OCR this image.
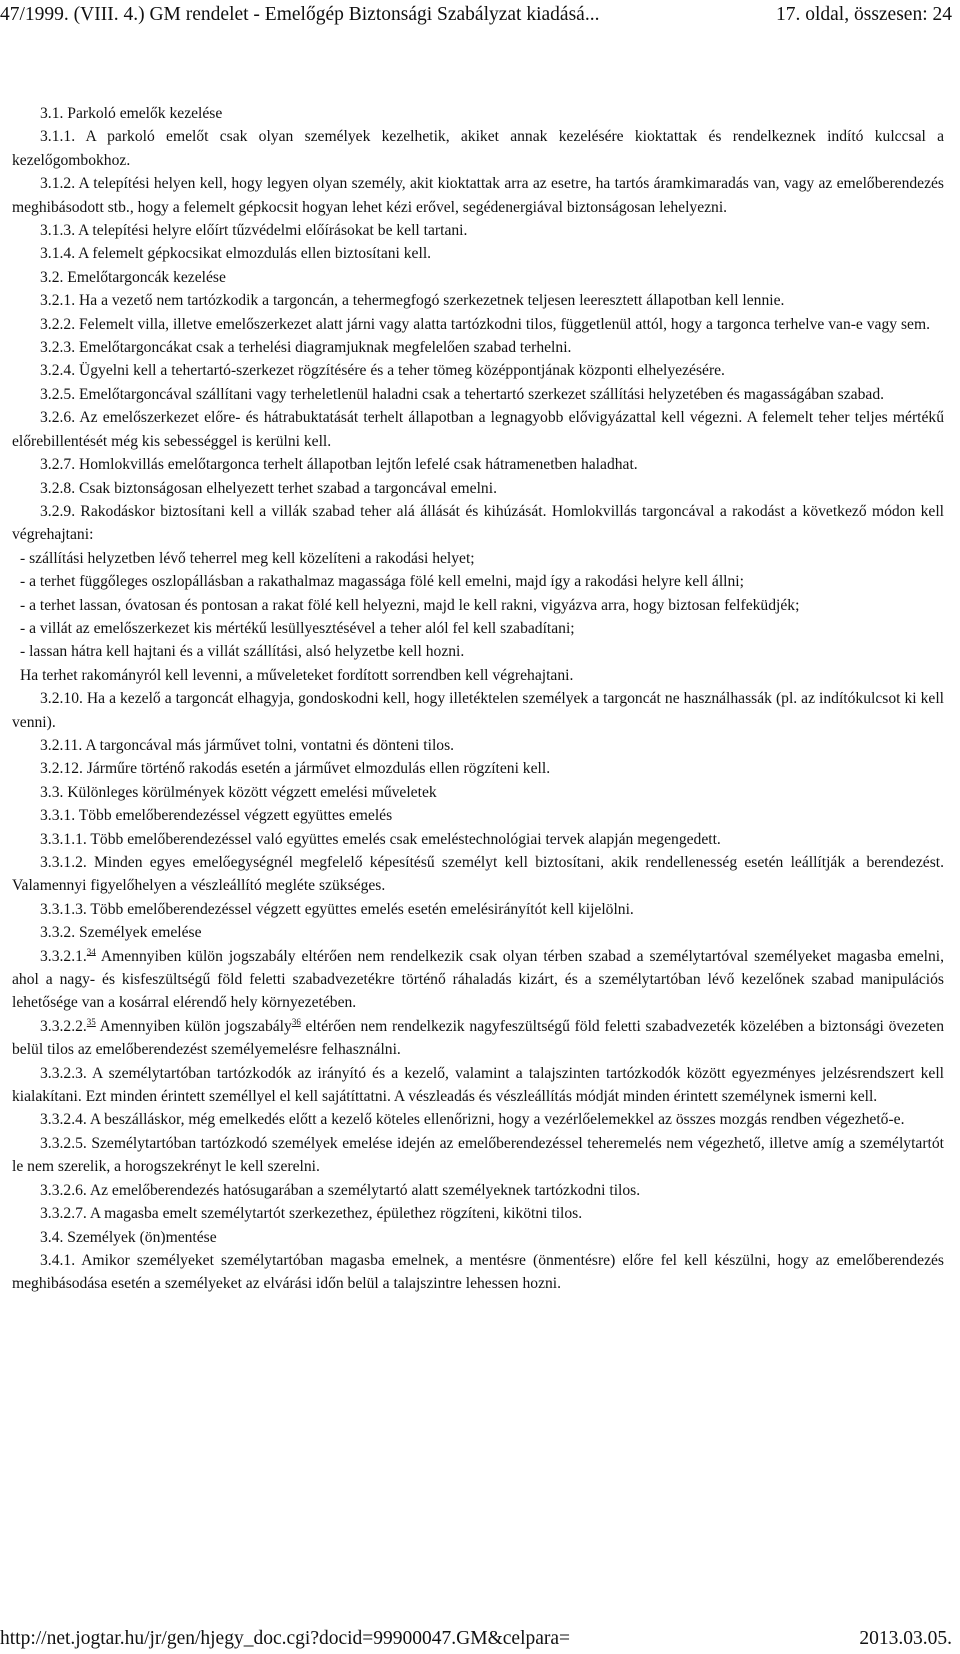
47/1999. (VIII. 4.) GM rendelet - Emelőgép Biztonsági Szabályzat kiadásá...	17. oldal, összesen: 24

3.1. Parkoló emelők kezelése

3.1.1. A parkoló emelőt csak olyan személyek kezelhetik, akiket annak kezelésére kioktattak és rendelkeznek indító kulccsal a kezelőgombokhoz.

3.1.2. A telepítési helyen kell, hogy legyen olyan személy, akit kioktattak arra az esetre, ha tartós áramkimaradás van, vagy az emelőberendezés meghibásodott stb., hogy a felemelt gépkocsit hogyan lehet kézi erővel, segédenergiával biztonságosan lehelyezni.

3.1.3. A telepítési helyre előírt tűzvédelmi előírásokat be kell tartani.

3.1.4. A felemelt gépkocsikat elmozdulás ellen biztosítani kell.

3.2. Emelőtargoncák kezelése

3.2.1. Ha a vezető nem tartózkodik a targoncán, a tehermegfogó szerkezetnek teljesen leeresztett állapotban kell lennie.

3.2.2. Felemelt villa, illetve emelőszerkezet alatt járni vagy alatta tartózkodni tilos, függetlenül attól, hogy a targonca terhelve van-e vagy sem.

3.2.3. Emelőtargoncákat csak a terhelési diagramjuknak megfelelően szabad terhelni.

3.2.4. Ügyelni kell a tehertartó-szerkezet rögzítésére és a teher tömeg középpontjának központi elhelyezésére.

3.2.5. Emelőtargoncával szállítani vagy terheletlenül haladni csak a tehertartó szerkezet szállítási helyzetében és magasságában szabad.

3.2.6. Az emelőszerkezet előre- és hátrabuktatását terhelt állapotban a legnagyobb elővigyázattal kell végezni. A felemelt teher teljes mértékű előrebillentését még kis sebességgel is kerülni kell.

3.2.7. Homlokvillás emelőtargonca terhelt állapotban lejtőn lefelé csak hátramenetben haladhat.

3.2.8. Csak biztonságosan elhelyezett terhet szabad a targoncával emelni.

3.2.9. Rakodáskor biztosítani kell a villák szabad teher alá állását és kihúzását. Homlokvillás targoncával a rakodást a következő módon kell végrehajtani:

- szállítási helyzetben lévő teherrel meg kell közelíteni a rakodási helyet;

- a terhet függőleges oszlopállásban a rakathalmaz magassága fölé kell emelni, majd így a rakodási helyre kell állni;

- a terhet lassan, óvatosan és pontosan a rakat fölé kell helyezni, majd le kell rakni, vigyázva arra, hogy biztosan felfeküdjék;

- a villát az emelőszerkezet kis mértékű lesüllyesztésével a teher alól fel kell szabadítani;

- lassan hátra kell hajtani és a villát szállítási, alsó helyzetbe kell hozni.

Ha terhet rakományról kell levenni, a műveleteket fordított sorrendben kell végrehajtani.

3.2.10. Ha a kezelő a targoncát elhagyja, gondoskodni kell, hogy illetéktelen személyek a targoncát ne használhassák (pl. az indítókulcsot ki kell venni).

3.2.11. A targoncával más járművet tolni, vontatni és dönteni tilos.

3.2.12. Járműre történő rakodás esetén a járművet elmozdulás ellen rögzíteni kell.

3.3. Különleges körülmények között végzett emelési műveletek

3.3.1. Több emelőberendezéssel végzett együttes emelés

3.3.1.1. Több emelőberendezéssel való együttes emelés csak emeléstechnológiai tervek alapján megengedett.

3.3.1.2. Minden egyes emelőegységnél megfelelő képesítésű személyt kell biztosítani, akik rendellenesség esetén leállítják a berendezést. Valamennyi figyelőhelyen a vészleállító megléte szükséges.

3.3.1.3. Több emelőberendezéssel végzett együttes emelés esetén emelésirányítót kell kijelölni.

3.3.2. Személyek emelése

3.3.2.1.34 Amennyiben külön jogszabály eltérően nem rendelkezik csak olyan térben szabad a személytartóval személyeket magasba emelni, ahol a nagy- és kisfeszültségű föld feletti szabadvezetékre történő ráhaladás kizárt, és a személytartóban lévő kezelőnek szabad manipulációs lehetősége van a kosárral elérendő hely környezetében.

3.3.2.2.35 Amennyiben külön jogszabály$^{36}$ eltérően nem rendelkezik nagyfeszültségű föld feletti szabadvezeték közelében a biztonsági övezeten belül tilos az emelőberendezést személyemelésre felhasználni.

3.3.2.3. A személytartóban tartózkodók az irányító és a kezelő, valamint a talajszinten tartózkodók között egyezményes jelzésrendszert kell kialakítani. Ezt minden érintett személlyel el kell sajátíttatni. A vészleadás és vészleállítás módját minden érintett személynek ismerni kell.

3.3.2.4. A beszálláskor, még emelkedés előtt a kezelő köteles ellenőrizni, hogy a vezérlőelemekkel az összes mozgás rendben végezhető-e.

3.3.2.5. Személytartóban tartózkodó személyek emelése idején az emelőberendezéssel teheremelés nem végezhető, illetve amíg a személytartót le nem szerelik, a horogszekrényt le kell szerelni.

3.3.2.6. Az emelőberendezés hatósugarában a személytartó alatt személyeknek tartózkodni tilos.

3.3.2.7. A magasba emelt személytartót szerkezethez, épülethez rögzíteni, kikötni tilos.

3.4. Személyek (ön)mentése

3.4.1. Amikor személyeket személytartóban magasba emelnek, a mentésre (önmentésre) előre fel kell készülni, hogy az emelőberendezés meghibásodása esetén a személyeket az elvárási időn belül a talajszintre lehessen hozni.

http://net.jogtar.hu/jr/gen/hjegy_doc.cgi?docid=99900047.GM&celpara=	2013.03.05.
